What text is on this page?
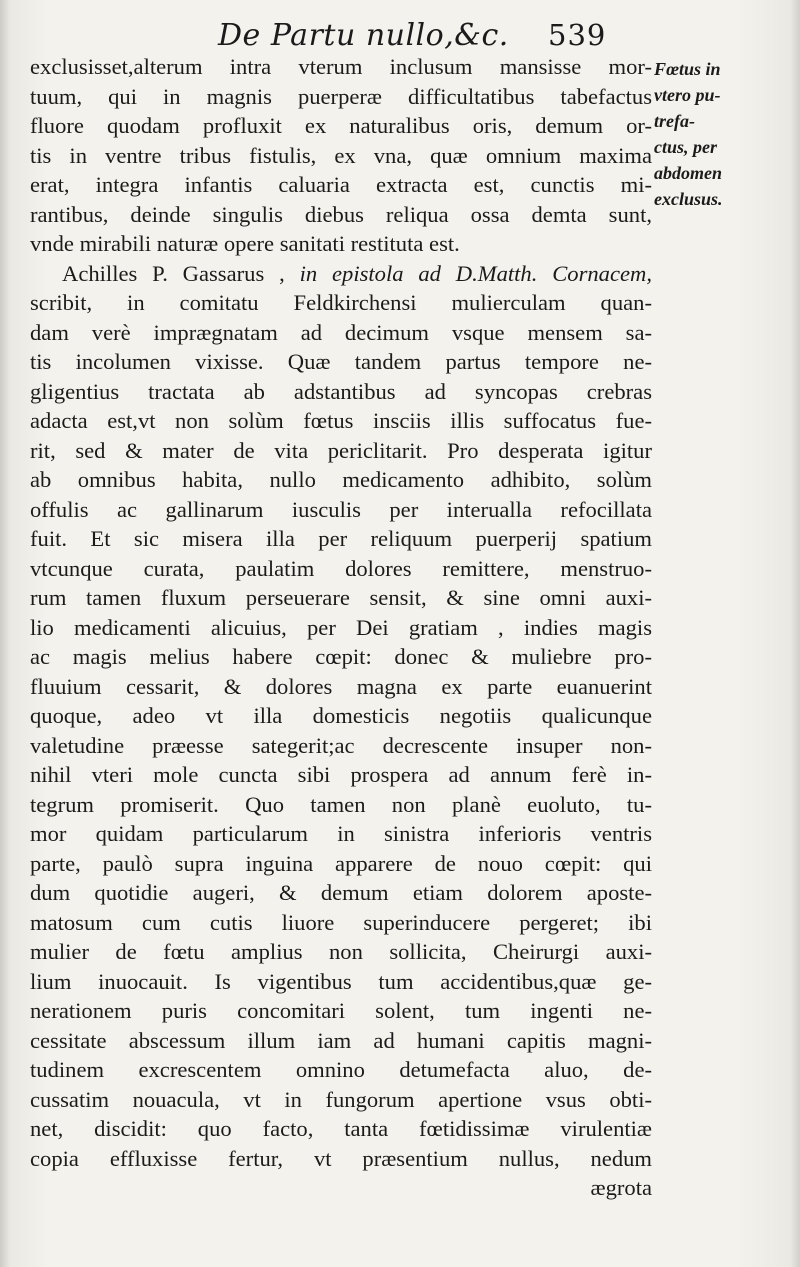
De Partu nullo,&c. 539
exclusisset,alterum intra vterum inclusum mansisse mor-
tuum, qui in magnis puerperæ difficultatibus tabefactus
fluore quodam profluxit ex naturalibus oris, demum or-
tis in ventre tribus fistulis, ex vna, quæ omnium maxima
erat, integra infantis caluaria extracta est, cunctis mi-
rantibus, deinde singulis diebus reliqua ossa demta sunt,
vnde mirabili naturæ opere sanitati restituta est.
Achilles P. Gassarus , in epistola ad D.Matth. Cornacem,
scribit, in comitatu Feldkirchensi mulierculam quan-
dam verè imprægnatam ad decimum vsque mensem sa-
tis incolumen vixisse. Quæ tandem partus tempore ne-
gligentius tractata ab adstantibus ad syncopas crebras
adacta est,vt non solùm fœtus insciis illis suffocatus fue-
rit, sed & mater de vita periclitarit. Pro desperata igitur
ab omnibus habita, nullo medicamento adhibito, solùm
offulis ac gallinarum iusculis per interualla refocillata
fuit. Et sic misera illa per reliquum puerperij spatium
vtcunque curata, paulatim dolores remittere, menstruo-
rum tamen fluxum perseuerare sensit, & sine omni auxi-
lio medicamenti alicuius, per Dei gratiam , indies magis
ac magis melius habere cœpit: donec & muliebre pro-
fluuium cessarit, & dolores magna ex parte euanuerint
quoque, adeo vt illa domesticis negotiis qualicunque
valetudine præesse sategerit;ac decrescente insuper non-
nihil vteri mole cuncta sibi prospera ad annum ferè in-
tegrum promiserit. Quo tamen non planè euoluto, tu-
mor quidam particularum in sinistra inferioris ventris
parte, paulò supra inguina apparere de nouo cœpit: qui
dum quotidie augeri, & demum etiam dolorem aposte-
matosum cum cutis liuore superinducere pergeret; ibi
mulier de fœtu amplius non sollicita, Cheirurgi auxi-
lium inuocauit. Is vigentibus tum accidentibus,quæ ge-
nerationem puris concomitari solent, tum ingenti ne-
cessitate abscessum illum iam ad humani capitis magni-
tudinem excrescentem omnino detumefacta aluo, de-
cussatim nouacula, vt in fungorum apertione vsus obti-
net, discidit: quo facto, tanta fœtidissimæ virulentiæ
copia effluxisse fertur, vt præsentium nullus, nedum
ægrota
Fœtus in
vtero pu-
trefa-
ctus, per
abdomen
exclusus.
